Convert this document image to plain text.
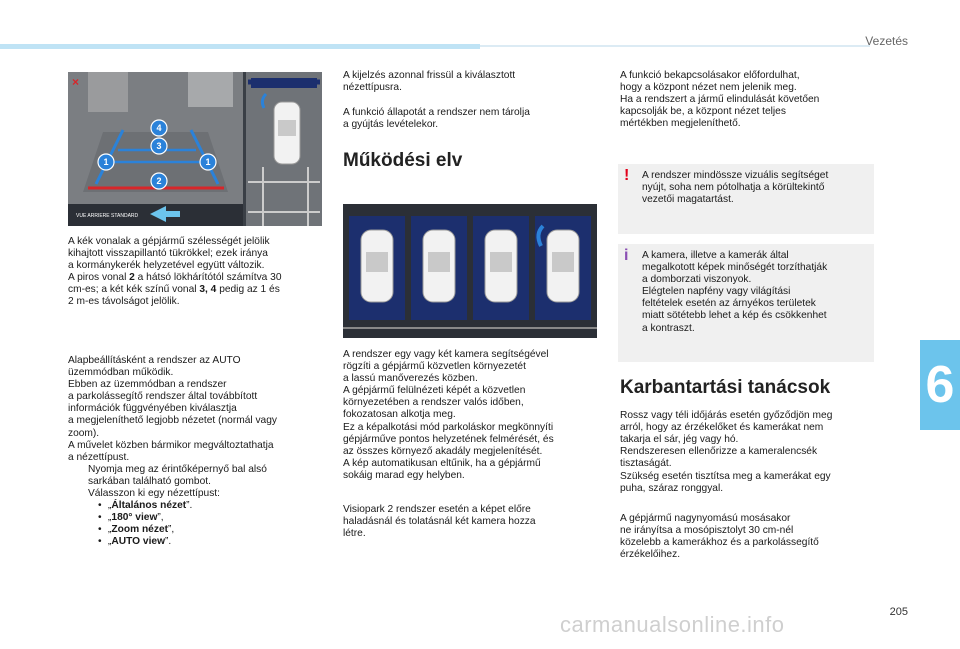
Vezetés
6
205
carmanualsonline.info
VUE ARRIERE STANDARD
×
1	1
2
3
4

A kék vonalak a gépjármű szélességét jelölik
kihajtott visszapillantó tükrökkel; ezek iránya
a kormánykerék helyzetével együtt változik.

A piros vonal 2 a hátsó lökhárítótól számítva 30
cm-es; a két kék színű vonal 3, 4 pedig az 1 és
2 m-es távolságot jelölik.

Alapbeállításként a rendszer az AUTO
üzemmódban működik.
Ebben az üzemmódban a rendszer
a parkolássegítő rendszer által továbbított
információk függvényében kiválasztja
a megjeleníthető legjobb nézetet (normál vagy
zoom).
A művelet közben bármikor megváltoztathatja
a nézettípust.

Nyomja meg az érintőképernyő bal alsó
sarkában található gombot.

Válasszon ki egy nézettípust:

• „Általános nézet”.
• „180° view”,
• „Zoom nézet”,
• „AUTO view”.

A kijelzés azonnal frissül a kiválasztott
nézettípusra.

A funkció állapotát a rendszer nem tárolja
a gyújtás levételekor.

Működési elv

A rendszer egy vagy két kamera segítségével
rögzíti a gépjármű közvetlen környezetét
a lassú manőverezés közben.
A gépjármű felülnézeti képét a közvetlen
környezetében a rendszer valós időben,
fokozatosan alkotja meg.
Ez a képalkotási mód parkoláskor megkönnyíti
gépjárműve pontos helyzetének felmérését, és
az összes környező akadály megjelenítését.
A kép automatikusan eltűnik, ha a gépjármű
sokáig marad egy helyben.

Visiopark 2 rendszer esetén a képet előre
haladásnál és tolatásnál két kamera hozza
létre.

A funkció bekapcsolásakor előfordulhat,
hogy a központ nézet nem jelenik meg.
Ha a rendszert a jármű elindulását követően
kapcsolják be, a központ nézet teljes
mértékben megjeleníthető.

! A rendszer mindössze vizuális segítséget
nyújt, soha nem pótolhatja a körültekintő
vezetői magatartást.

i A kamera, illetve a kamerák által
megalkotott képek minőségét torzíthatják
a domborzati viszonyok.
Elégtelen napfény vagy világítási
feltételek esetén az árnyékos területek
miatt sötétebb lehet a kép és csökkenhet
a kontraszt.

Karbantartási tanácsok

Rossz vagy téli időjárás esetén győződjön meg
arról, hogy az érzékelőket és kamerákat nem
takarja el sár, jég vagy hó.
Rendszeresen ellenőrizze a kameralencsék
tisztaságát.
Szükség esetén tisztítsa meg a kamerákat egy
puha, száraz ronggyal.

A gépjármű nagynyomású mosásakor
ne irányítsa a mosópisztolyt 30 cm-nél
közelebb a kamerákhoz és a parkolássegítő
érzékelőihez.
